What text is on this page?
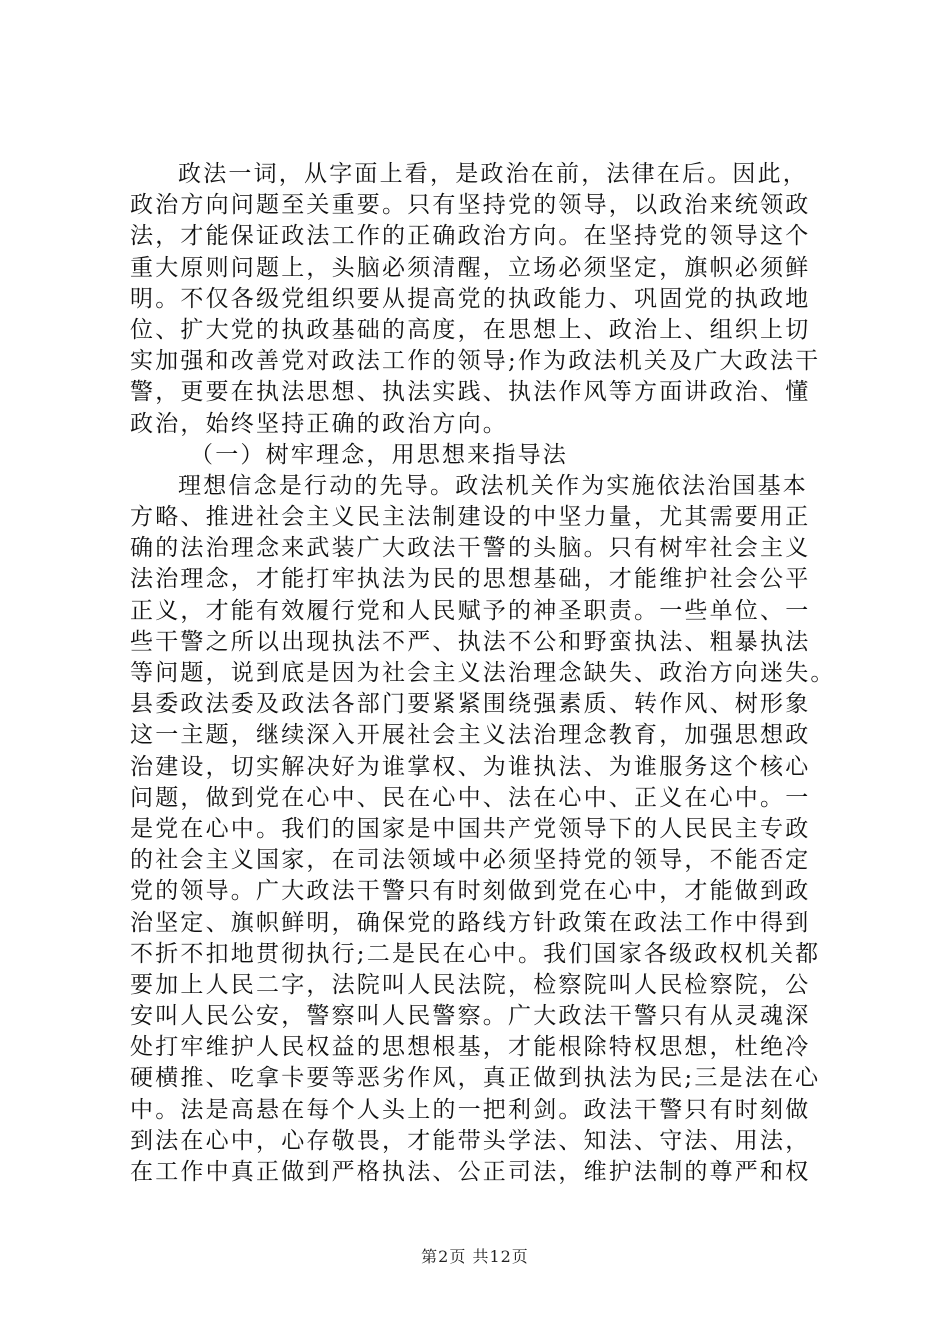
政法一词，从字面上看，是政治在前，法律在后。因此，
政治方向问题至关重要。只有坚持党的领导，以政治来统领政
法，才能保证政法工作的正确政治方向。在坚持党的领导这个
重大原则问题上，头脑必须清醒，立场必须坚定，旗帜必须鲜
明。不仅各级党组织要从提高党的执政能力、巩固党的执政地
位、扩大党的执政基础的高度，在思想上、政治上、组织上切
实加强和改善党对政法工作的领导;作为政法机关及广大政法干
警，更要在执法思想、执法实践、执法作风等方面讲政治、懂
政治，始终坚持正确的政治方向。
（一）树牢理念，用思想来指导法
理想信念是行动的先导。政法机关作为实施依法治国基本
方略、推进社会主义民主法制建设的中坚力量，尤其需要用正
确的法治理念来武装广大政法干警的头脑。只有树牢社会主义
法治理念，才能打牢执法为民的思想基础，才能维护社会公平
正义，才能有效履行党和人民赋予的神圣职责。一些单位、一
些干警之所以出现执法不严、执法不公和野蛮执法、粗暴执法
等问题，说到底是因为社会主义法治理念缺失、政治方向迷失。
县委政法委及政法各部门要紧紧围绕强素质、转作风、树形象
这一主题，继续深入开展社会主义法治理念教育，加强思想政
治建设，切实解决好为谁掌权、为谁执法、为谁服务这个核心
问题，做到党在心中、民在心中、法在心中、正义在心中。一
是党在心中。我们的国家是中国共产党领导下的人民民主专政
的社会主义国家，在司法领域中必须坚持党的领导，不能否定
党的领导。广大政法干警只有时刻做到党在心中，才能做到政
治坚定、旗帜鲜明，确保党的路线方针政策在政法工作中得到
不折不扣地贯彻执行;二是民在心中。我们国家各级政权机关都
要加上人民二字，法院叫人民法院，检察院叫人民检察院，公
安叫人民公安，警察叫人民警察。广大政法干警只有从灵魂深
处打牢维护人民权益的思想根基，才能根除特权思想，杜绝冷
硬横推、吃拿卡要等恶劣作风，真正做到执法为民;三是法在心
中。法是高悬在每个人头上的一把利剑。政法干警只有时刻做
到法在心中，心存敬畏，才能带头学法、知法、守法、用法，
在工作中真正做到严格执法、公正司法，维护法制的尊严和权
第2页 共12页
